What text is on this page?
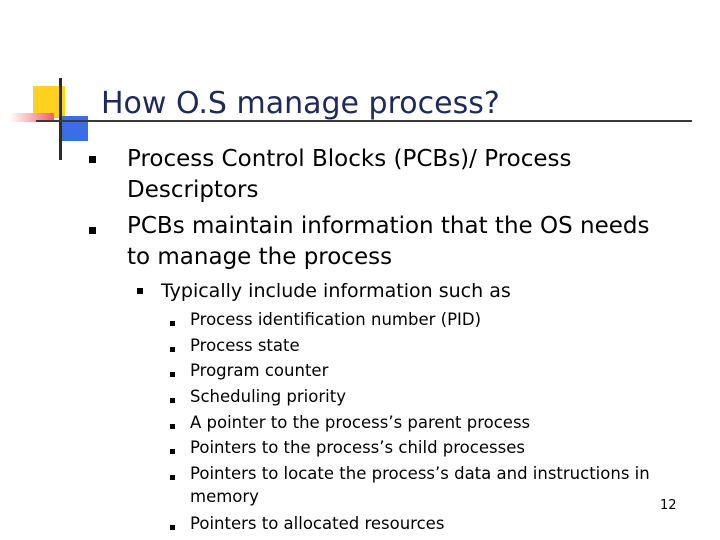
How O.S manage process?
Process Control Blocks (PCBs)/ Process
Descriptors
PCBs maintain information that the OS needs
to manage the process
Typically include information such as
Process identification number (PID)
Process state
Program counter
Scheduling priority
A pointer to the process’s parent process
Pointers to the process’s child processes
Pointers to locate the process’s data and instructions in
memory
Pointers to allocated resources
12
